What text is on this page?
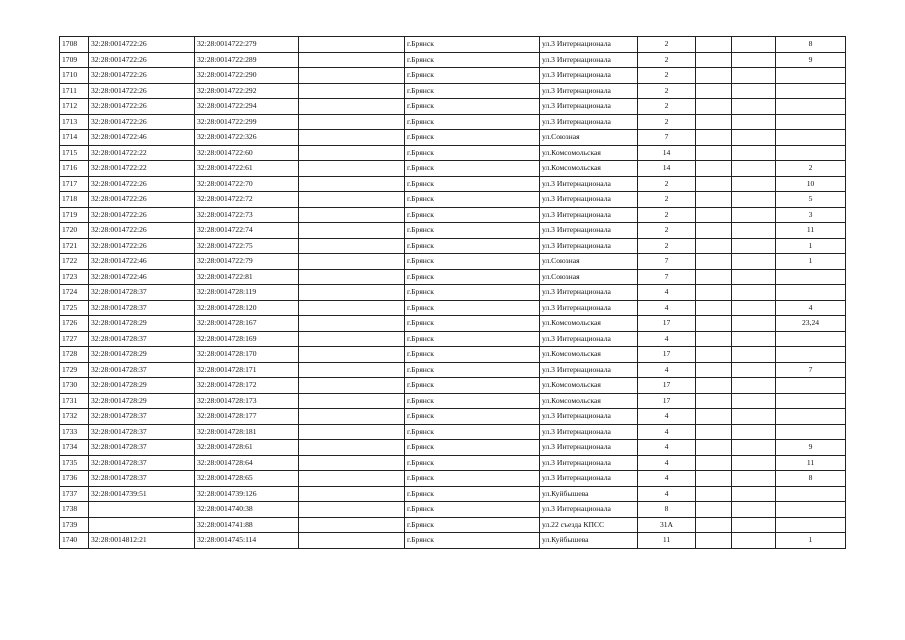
1708	32:28:0014722:26	32:28:0014722:279		г.Брянск	ул.3 Интернационала	2			8
1709	32:28:0014722:26	32:28:0014722:289		г.Брянск	ул.3 Интернационала	2			9
1710	32:28:0014722:26	32:28:0014722:290		г.Брянск	ул.3 Интернационала	2			
1711	32:28:0014722:26	32:28:0014722:292		г.Брянск	ул.3 Интернационала	2			
1712	32:28:0014722:26	32:28:0014722:294		г.Брянск	ул.3 Интернационала	2			
1713	32:28:0014722:26	32:28:0014722:299		г.Брянск	ул.3 Интернационала	2			
1714	32:28:0014722:46	32:28:0014722:326		г.Брянск	ул.Союзная	7			
1715	32:28:0014722:22	32:28:0014722:60		г.Брянск	ул.Комсомольская	14			
1716	32:28:0014722:22	32:28:0014722:61		г.Брянск	ул.Комсомольская	14			2
1717	32:28:0014722:26	32:28:0014722:70		г.Брянск	ул.3 Интернационала	2			10
1718	32:28:0014722:26	32:28:0014722:72		г.Брянск	ул.3 Интернационала	2			5
1719	32:28:0014722:26	32:28:0014722:73		г.Брянск	ул.3 Интернационала	2			3
1720	32:28:0014722:26	32:28:0014722:74		г.Брянск	ул.3 Интернационала	2			11
1721	32:28:0014722:26	32:28:0014722:75		г.Брянск	ул.3 Интернационала	2			1
1722	32:28:0014722:46	32:28:0014722:79		г.Брянск	ул.Союзная	7			1
1723	32:28:0014722:46	32:28:0014722:81		г.Брянск	ул.Союзная	7			
1724	32:28:0014728:37	32:28:0014728:119		г.Брянск	ул.3 Интернационала	4			
1725	32:28:0014728:37	32:28:0014728:120		г.Брянск	ул.3 Интернационала	4			4
1726	32:28:0014728:29	32:28:0014728:167		г.Брянск	ул.Комсомольская	17			23,24
1727	32:28:0014728:37	32:28:0014728:169		г.Брянск	ул.3 Интернационала	4			
1728	32:28:0014728:29	32:28:0014728:170		г.Брянск	ул.Комсомольская	17			
1729	32:28:0014728:37	32:28:0014728:171		г.Брянск	ул.3 Интернационала	4			7
1730	32:28:0014728:29	32:28:0014728:172		г.Брянск	ул.Комсомольская	17			
1731	32:28:0014728:29	32:28:0014728:173		г.Брянск	ул.Комсомольская	17			
1732	32:28:0014728:37	32:28:0014728:177		г.Брянск	ул.3 Интернационала	4			
1733	32:28:0014728:37	32:28:0014728:181		г.Брянск	ул.3 Интернационала	4			
1734	32:28:0014728:37	32:28:0014728:61		г.Брянск	ул.3 Интернационала	4			9
1735	32:28:0014728:37	32:28:0014728:64		г.Брянск	ул.3 Интернационала	4			11
1736	32:28:0014728:37	32:28:0014728:65		г.Брянск	ул.3 Интернационала	4			8
1737	32:28:0014739:51	32:28:0014739:126		г.Брянск	ул.Куйбышева	4			
1738		32:28:0014740:38		г.Брянск	ул.3 Интернационала	8			
1739		32:28:0014741:88		г.Брянск	ул.22 съезда КПСС	31А			
1740	32:28:0014812:21	32:28:0014745:114		г.Брянск	ул.Куйбышева	11			1
